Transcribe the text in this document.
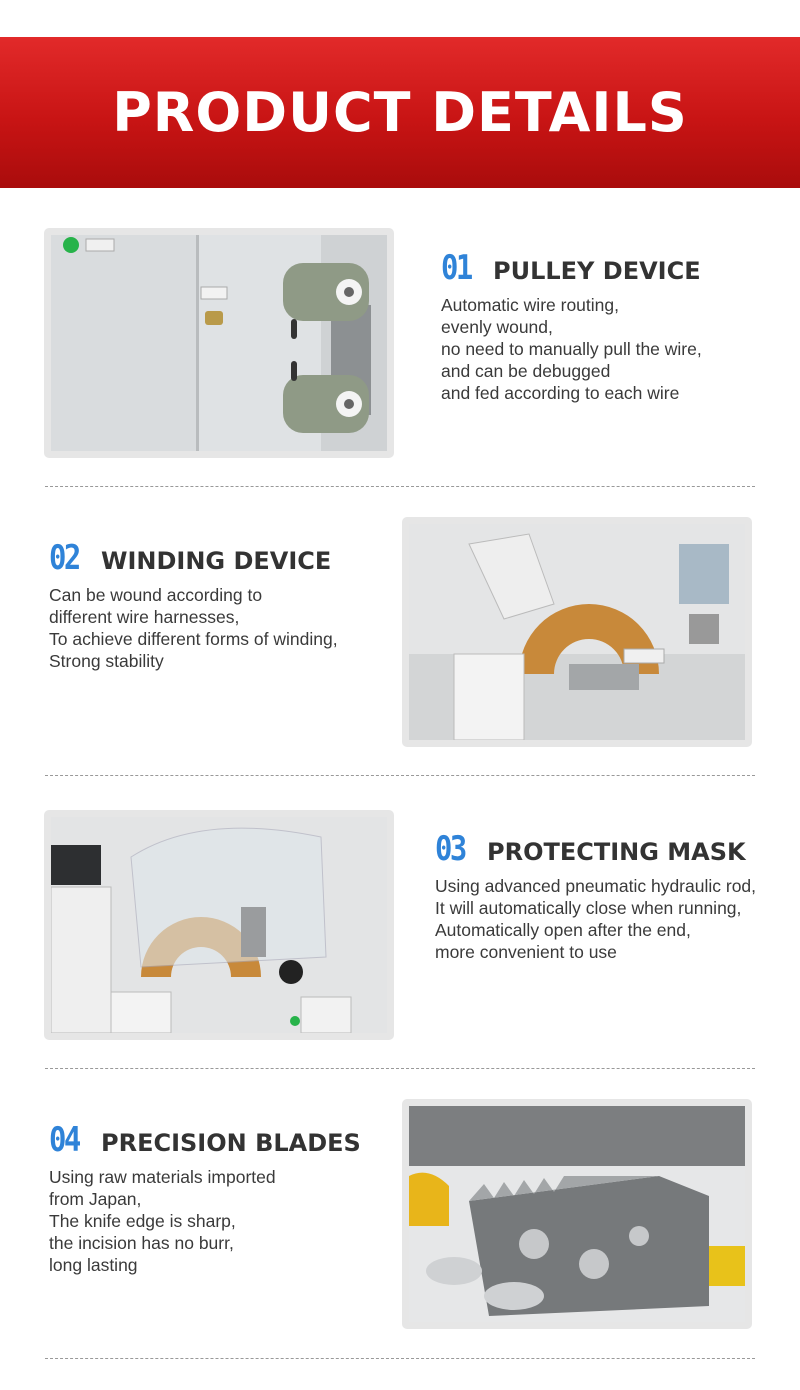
PRODUCT DETAILS
01 PULLEY DEVICE
Automatic wire routing,
evenly wound,
no need to manually pull the wire,
and can be debugged
and fed according to each wire
02 WINDING DEVICE
Can be wound according to
different wire harnesses,
To achieve different forms of winding,
Strong stability
03 PROTECTING MASK
Using advanced pneumatic hydraulic rod,
It will automatically close when running,
Automatically open after the end,
more convenient to use
04 PRECISION BLADES
Using raw materials imported
from Japan,
The knife edge is sharp,
the incision has no burr,
long lasting
